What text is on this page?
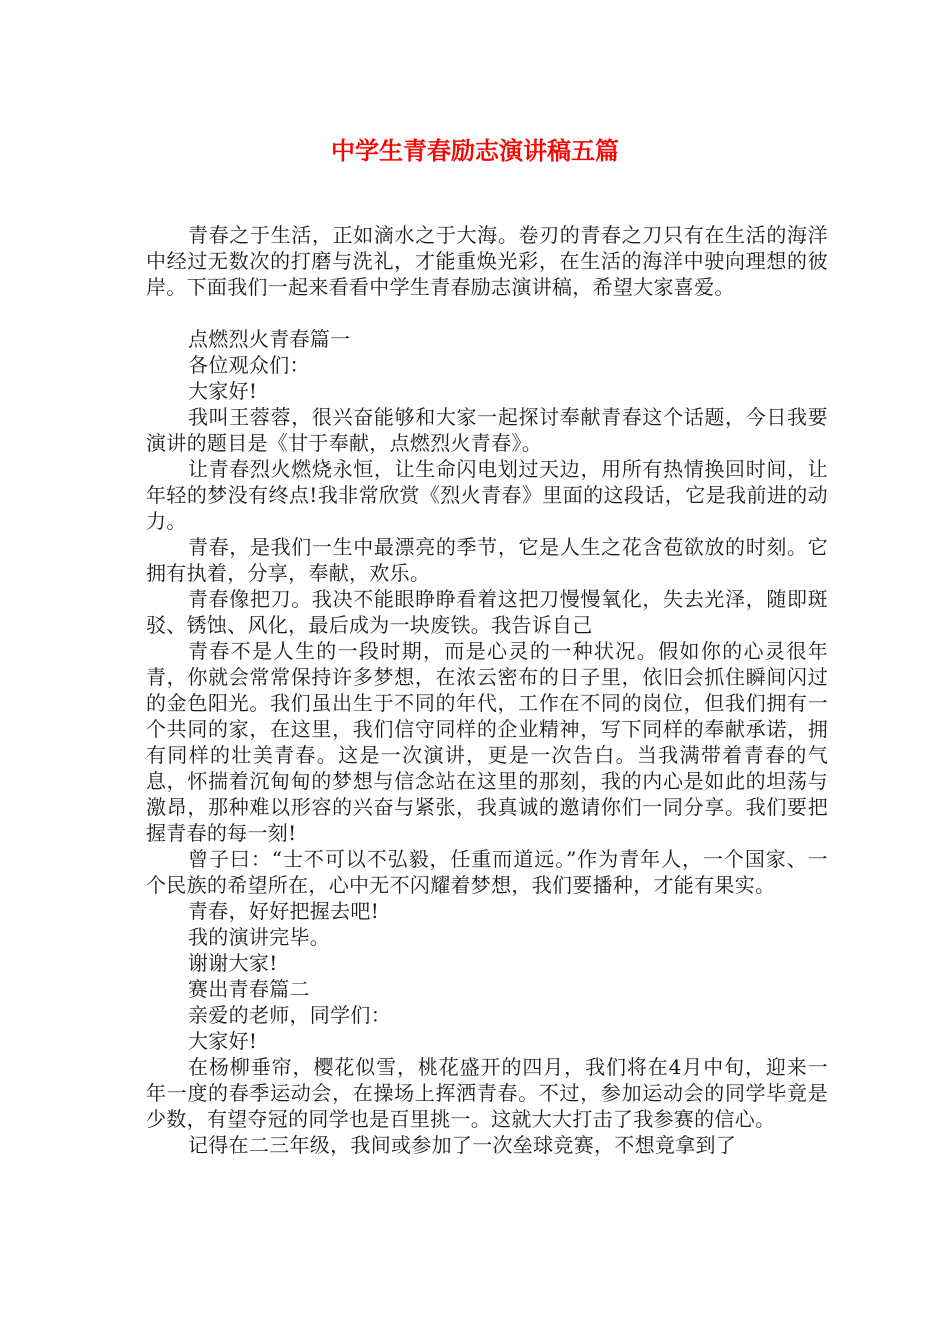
中学生青春励志演讲稿五篇

青春之于生活，正如滴水之于大海。卷刃的青春之刀只有在生活的海洋中经过无数次的打磨与洗礼，才能重焕光彩，在生活的海洋中驶向理想的彼岸。下面我们一起来看看中学生青春励志演讲稿，希望大家喜爱。

点燃烈火青春篇一

各位观众们：

大家好!

我叫王蓉蓉，很兴奋能够和大家一起探讨奉献青春这个话题，今日我要演讲的题目是《甘于奉献，点燃烈火青春》。

让青春烈火燃烧永恒，让生命闪电划过天边，用所有热情换回时间，让年轻的梦没有终点!我非常欣赏《烈火青春》里面的这段话，它是我前进的动力。

青春，是我们一生中最漂亮的季节，它是人生之花含苞欲放的时刻。它拥有执着，分享，奉献，欢乐。

青春像把刀。我决不能眼睁睁看着这把刀慢慢氧化，失去光泽，随即斑驳、锈蚀、风化，最后成为一块废铁。我告诉自己

青春不是人生的一段时期，而是心灵的一种状况。假如你的心灵很年青，你就会常常保持许多梦想，在浓云密布的日子里，依旧会抓住瞬间闪过的金色阳光。我们虽出生于不同的年代，工作在不同的岗位，但我们拥有一个共同的家，在这里，我们信守同样的企业精神，写下同样的奉献承诺，拥有同样的壮美青春。这是一次演讲，更是一次告白。当我满带着青春的气息，怀揣着沉甸甸的梦想与信念站在这里的那刻，我的内心是如此的坦荡与激昂，那种难以形容的兴奋与紧张，我真诚的邀请你们一同分享。我们要把握青春的每一刻!

曾子曰：“士不可以不弘毅，任重而道远。”作为青年人，一个国家、一个民族的希望所在，心中无不闪耀着梦想，我们要播种，才能有果实。

青春，好好把握去吧!

我的演讲完毕。

谢谢大家!

赛出青春篇二

亲爱的老师，同学们：

大家好!

在杨柳垂帘，樱花似雪，桃花盛开的四月，我们将在4月中旬，迎来一年一度的春季运动会，在操场上挥洒青春。不过，参加运动会的同学毕竟是少数，有望夺冠的同学也是百里挑一。这就大大打击了我参赛的信心。

记得在二三年级，我间或参加了一次垒球竞赛，不想竟拿到了
